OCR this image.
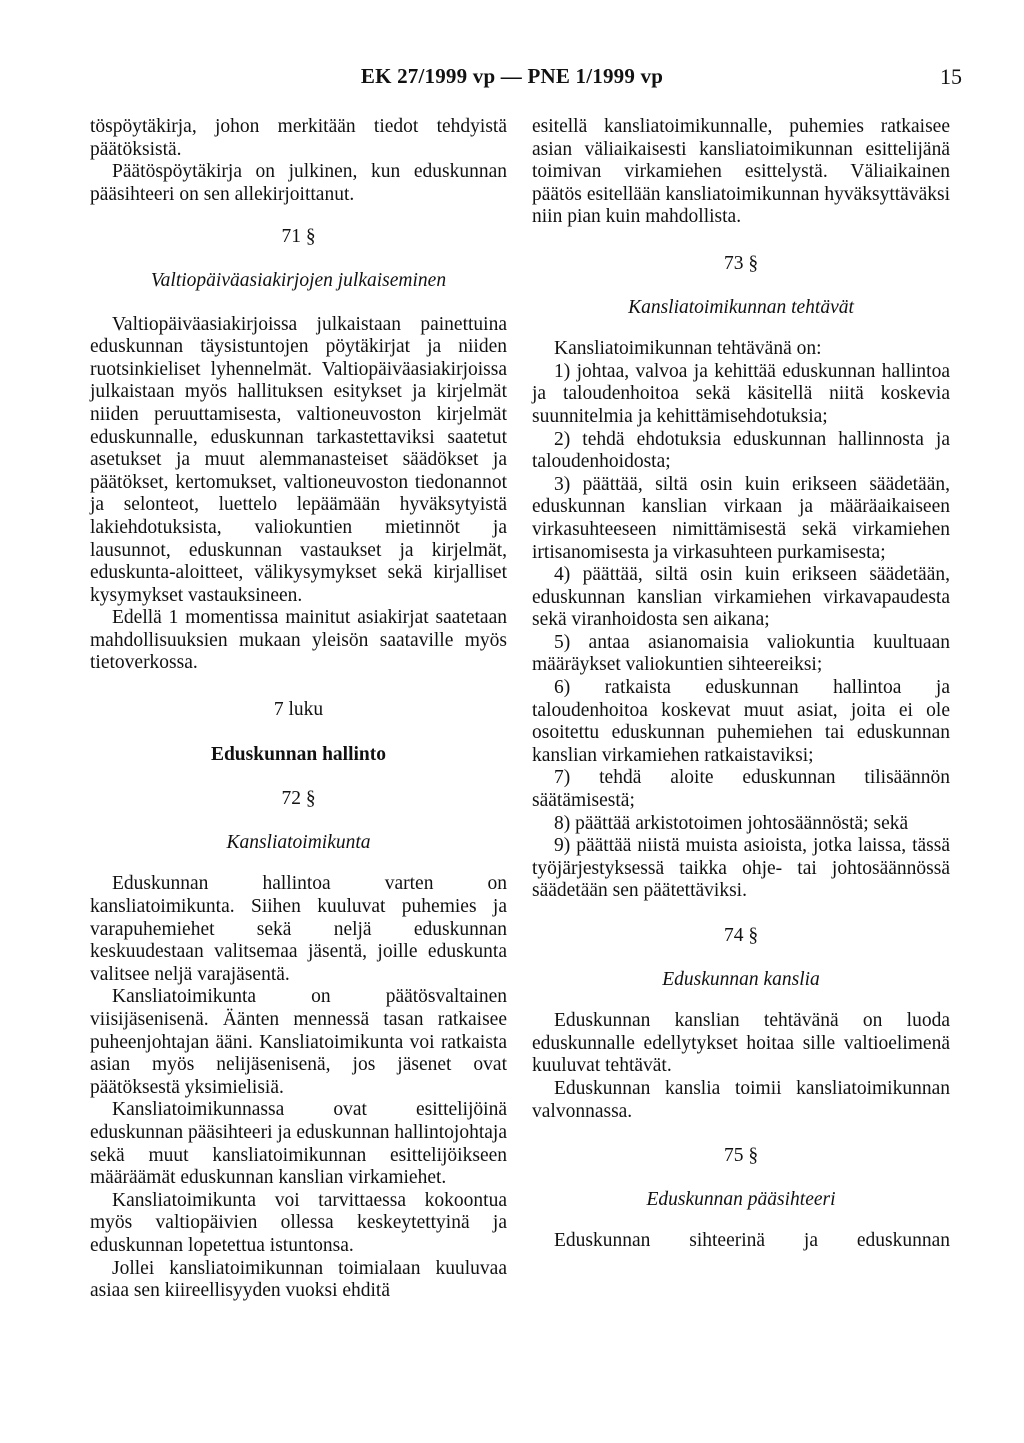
EK 27/1999 vp — PNE 1/1999 vp	15

töspöytäkirja, johon merkitään tiedot tehdyistä päätöksistä.

Päätöspöytäkirja on julkinen, kun eduskunnan pääsihteeri on sen allekirjoittanut.

71 §

Valtiopäiväasiakirjojen julkaiseminen

Valtiopäiväasiakirjoissa julkaistaan painettuina eduskunnan täysistuntojen pöytäkirjat ja niiden ruotsinkieliset lyhennelmät. Valtiopäiväasiakirjoissa julkaistaan myös hallituksen esitykset ja kirjelmät niiden peruuttamisesta, valtioneuvoston kirjelmät eduskunnalle, eduskunnan tarkastettaviksi saatetut asetukset ja muut alemmanasteiset säädökset ja päätökset, kertomukset, valtioneuvoston tiedonannot ja selonteot, luettelo lepäämään hyväksytyistä lakiehdotuksista, valiokuntien mietinnöt ja lausunnot, eduskunnan vastaukset ja kirjelmät, eduskunta-aloitteet, välikysymykset sekä kirjalliset kysymykset vastauksineen.

Edellä 1 momentissa mainitut asiakirjat saatetaan mahdollisuuksien mukaan yleisön saataville myös tietoverkossa.

7 luku

Eduskunnan hallinto

72 §

Kansliatoimikunta

Eduskunnan hallintoa varten on kansliatoimikunta. Siihen kuuluvat puhemies ja varapuhemiehet sekä neljä eduskunnan keskuudestaan valitsemaa jäsentä, joille eduskunta valitsee neljä varajäsentä.

Kansliatoimikunta on päätösvaltainen viisijäsenisenä. Äänten mennessä tasan ratkaisee puheenjohtajan ääni. Kansliatoimikunta voi ratkaista asian myös nelijäsenisenä, jos jäsenet ovat päätöksestä yksimielisiä.

Kansliatoimikunnassa ovat esittelijöinä eduskunnan pääsihteeri ja eduskunnan hallintojohtaja sekä muut kansliatoimikunnan esittelijöikseen määräämät eduskunnan kanslian virkamiehet.

Kansliatoimikunta voi tarvittaessa kokoontua myös valtiopäivien ollessa keskeytettyinä ja eduskunnan lopetettua istuntonsa.

Jollei kansliatoimikunnan toimialaan kuuluvaa asiaa sen kiireellisyyden vuoksi ehditä

esitellä kansliatoimikunnalle, puhemies ratkaisee asian väliaikaisesti kansliatoimikunnan esittelijänä toimivan virkamiehen esittelystä. Väliaikainen päätös esitellään kansliatoimikunnan hyväksyttäväksi niin pian kuin mahdollista.

73 §

Kansliatoimikunnan tehtävät

Kansliatoimikunnan tehtävänä on:

1) johtaa, valvoa ja kehittää eduskunnan hallintoa ja taloudenhoitoa sekä käsitellä niitä koskevia suunnitelmia ja kehittämisehdotuksia;

2) tehdä ehdotuksia eduskunnan hallinnosta ja taloudenhoidosta;

3) päättää, siltä osin kuin erikseen säädetään, eduskunnan kanslian virkaan ja määräaikaiseen virkasuhteeseen nimittämisestä sekä virkamiehen irtisanomisesta ja virkasuhteen purkamisesta;

4) päättää, siltä osin kuin erikseen säädetään, eduskunnan kanslian virkamiehen virkavapaudesta sekä viranhoidosta sen aikana;

5) antaa asianomaisia valiokuntia kuultuaan määräykset valiokuntien sihteereiksi;

6) ratkaista eduskunnan hallintoa ja taloudenhoitoa koskevat muut asiat, joita ei ole osoitettu eduskunnan puhemiehen tai eduskunnan kanslian virkamiehen ratkaistaviksi;

7) tehdä aloite eduskunnan tilisäännön säätämisestä;

8) päättää arkistotoimen johtosäännöstä; sekä

9) päättää niistä muista asioista, jotka laissa, tässä työjärjestyksessä taikka ohje- tai johtosäännössä säädetään sen päätettäviksi.

74 §

Eduskunnan kanslia

Eduskunnan kanslian tehtävänä on luoda eduskunnalle edellytykset hoitaa sille valtioelimenä kuuluvat tehtävät.

Eduskunnan kanslia toimii kansliatoimikunnan valvonnassa.

75 §

Eduskunnan pääsihteeri

Eduskunnan sihteerinä ja eduskunnan
